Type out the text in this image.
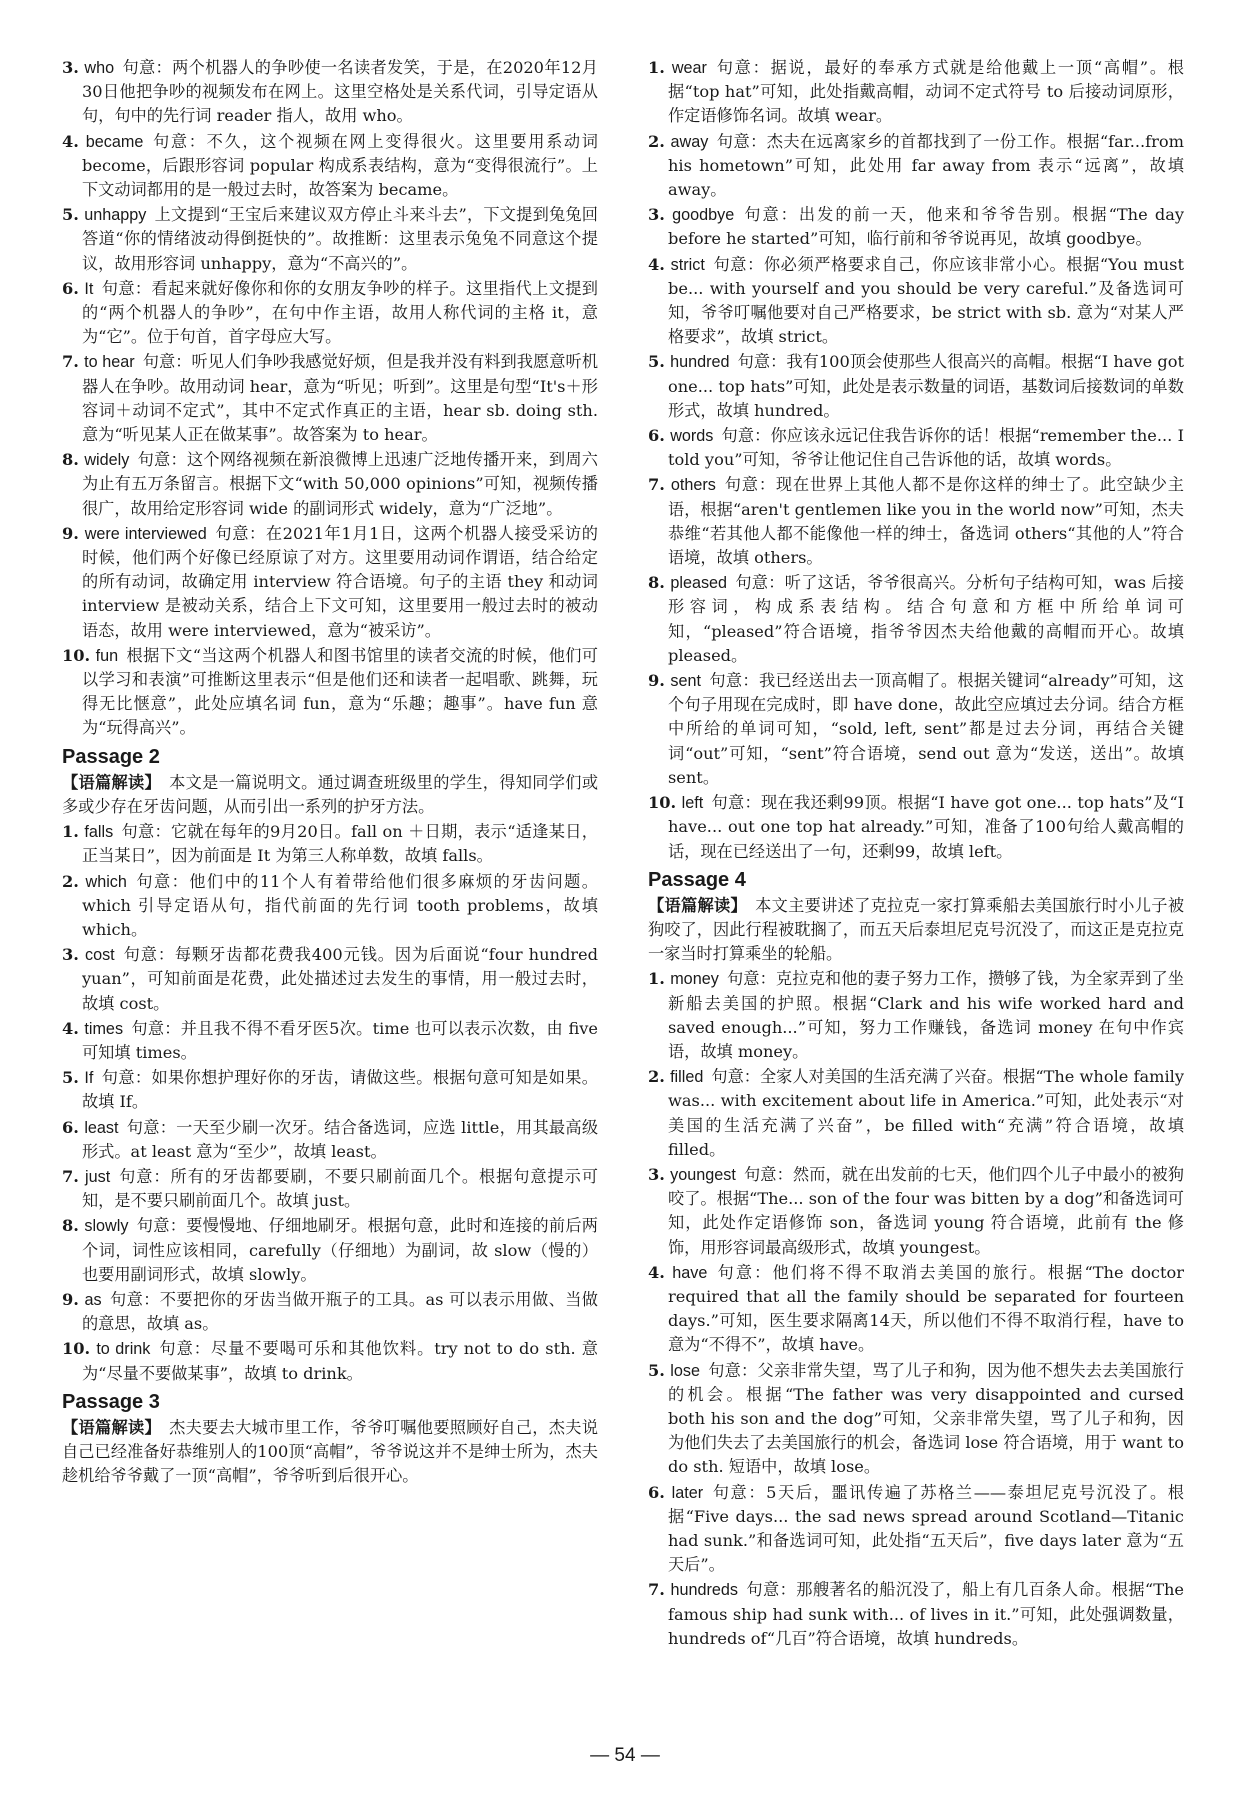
3. who 句意：两个机器人的争吵使一名读者发笑，于是，在2020年12月30日他把争吵的视频发布在网上。这里空格处是关系代词，引导定语从句，句中的先行词 reader 指人，故用 who。

4. became 句意：不久，这个视频在网上变得很火。这里要用系动词 become，后跟形容词 popular 构成系表结构，意为“变得很流行”。上下文动词都用的是一般过去时，故答案为 became。

5. unhappy 上文提到“王宝后来建议双方停止斗来斗去”，下文提到兔兔回答道“你的情绪波动得倒挺快的”。故推断：这里表示兔兔不同意这个提议，故用形容词 unhappy，意为“不高兴的”。

6. It 句意：看起来就好像你和你的女朋友争吵的样子。这里指代上文提到的“两个机器人的争吵”，在句中作主语，故用人称代词的主格 it，意为“它”。位于句首，首字母应大写。

7. to hear 句意：听见人们争吵我感觉好烦，但是我并没有料到我愿意听机器人在争吵。故用动词 hear，意为“听见；听到”。这里是句型“It's＋形容词＋动词不定式”，其中不定式作真正的主语，hear sb. doing sth. 意为“听见某人正在做某事”。故答案为 to hear。

8. widely 句意：这个网络视频在新浪微博上迅速广泛地传播开来，到周六为止有五万条留言。根据下文“with 50,000 opinions”可知，视频传播很广，故用给定形容词 wide 的副词形式 widely，意为“广泛地”。

9. were interviewed 句意：在2021年1月1日，这两个机器人接受采访的时候，他们两个好像已经原谅了对方。这里要用动词作谓语，结合给定的所有动词，故确定用 interview 符合语境。句子的主语 they 和动词 interview 是被动关系，结合上下文可知，这里要用一般过去时的被动语态，故用 were interviewed，意为“被采访”。

10. fun 根据下文“当这两个机器人和图书馆里的读者交流的时候，他们可以学习和表演”可推断这里表示“但是他们还和读者一起唱歌、跳舞，玩得无比惬意”，此处应填名词 fun，意为“乐趣；趣事”。have fun 意为“玩得高兴”。

Passage 2

【语篇解读】 本文是一篇说明文。通过调查班级里的学生，得知同学们或多或少存在牙齿问题，从而引出一系列的护牙方法。

1. falls 句意：它就在每年的9月20日。fall on ＋日期，表示“适逢某日，正当某日”，因为前面是 It 为第三人称单数，故填 falls。

2. which 句意：他们中的11个人有着带给他们很多麻烦的牙齿问题。which 引导定语从句，指代前面的先行词 tooth problems，故填 which。

3. cost 句意：每颗牙齿都花费我400元钱。因为后面说“four hundred yuan”，可知前面是花费，此处描述过去发生的事情，用一般过去时，故填 cost。

4. times 句意：并且我不得不看牙医5次。time 也可以表示次数，由 five 可知填 times。

5. If 句意：如果你想护理好你的牙齿，请做这些。根据句意可知是如果。故填 If。

6. least 句意：一天至少刷一次牙。结合备选词，应选 little，用其最高级形式。at least 意为“至少”，故填 least。

7. just 句意：所有的牙齿都要刷，不要只刷前面几个。根据句意提示可知，是不要只刷前面几个。故填 just。

8. slowly 句意：要慢慢地、仔细地刷牙。根据句意，此时和连接的前后两个词，词性应该相同，carefully（仔细地）为副词，故 slow（慢的）也要用副词形式，故填 slowly。

9. as 句意：不要把你的牙齿当做开瓶子的工具。as 可以表示用做、当做的意思，故填 as。

10. to drink 句意：尽量不要喝可乐和其他饮料。try not to do sth. 意为“尽量不要做某事”，故填 to drink。

Passage 3

【语篇解读】 杰夫要去大城市里工作，爷爷叮嘱他要照顾好自己，杰夫说自己已经准备好恭维别人的100顶“高帽”，爷爷说这并不是绅士所为，杰夫趁机给爷爷戴了一顶“高帽”，爷爷听到后很开心。

1. wear 句意：据说，最好的奉承方式就是给他戴上一顶“高帽”。根据“top hat”可知，此处指戴高帽，动词不定式符号 to 后接动词原形，作定语修饰名词。故填 wear。

2. away 句意：杰夫在远离家乡的首都找到了一份工作。根据“far...from his hometown”可知，此处用 far away from 表示“远离”，故填 away。

3. goodbye 句意：出发的前一天，他来和爷爷告别。根据“The day before he started”可知，临行前和爷爷说再见，故填 goodbye。

4. strict 句意：你必须严格要求自己，你应该非常小心。根据“You must be... with yourself and you should be very careful.”及备选词可知，爷爷叮嘱他要对自己严格要求，be strict with sb. 意为“对某人严格要求”，故填 strict。

5. hundred 句意：我有100顶会使那些人很高兴的高帽。根据“I have got one... top hats”可知，此处是表示数量的词语，基数词后接数词的单数形式，故填 hundred。

6. words 句意：你应该永远记住我告诉你的话！根据“remember the... I told you”可知，爷爷让他记住自己告诉他的话，故填 words。

7. others 句意：现在世界上其他人都不是你这样的绅士了。此空缺少主语，根据“aren't gentlemen like you in the world now”可知，杰夫恭维“若其他人都不能像他一样的绅士，备选词 others“其他的人”符合语境，故填 others。

8. pleased 句意：听了这话，爷爷很高兴。分析句子结构可知，was 后接形容词，构成系表结构。结合句意和方框中所给单词可知，“pleased”符合语境，指爷爷因杰夫给他戴的高帽而开心。故填 pleased。

9. sent 句意：我已经送出去一顶高帽了。根据关键词“already”可知，这个句子用现在完成时，即 have done，故此空应填过去分词。结合方框中所给的单词可知，“sold, left, sent”都是过去分词，再结合关键词“out”可知，“sent”符合语境，send out 意为“发送，送出”。故填 sent。

10. left 句意：现在我还剩99顶。根据“I have got one... top hats”及“I have... out one top hat already.”可知，准备了100句给人戴高帽的话，现在已经送出了一句，还剩99，故填 left。

Passage 4

【语篇解读】 本文主要讲述了克拉克一家打算乘船去美国旅行时小儿子被狗咬了，因此行程被耽搁了，而五天后泰坦尼克号沉没了，而这正是克拉克一家当时打算乘坐的轮船。

1. money 句意：克拉克和他的妻子努力工作，攒够了钱，为全家弄到了坐新船去美国的护照。根据“Clark and his wife worked hard and saved enough...”可知，努力工作赚钱，备选词 money 在句中作宾语，故填 money。

2. filled 句意：全家人对美国的生活充满了兴奋。根据“The whole family was... with excitement about life in America.”可知，此处表示“对美国的生活充满了兴奋”，be filled with“充满”符合语境，故填 filled。

3. youngest 句意：然而，就在出发前的七天，他们四个儿子中最小的被狗咬了。根据“The... son of the four was bitten by a dog”和备选词可知，此处作定语修饰 son，备选词 young 符合语境，此前有 the 修饰，用形容词最高级形式，故填 youngest。

4. have 句意：他们将不得不取消去美国的旅行。根据“The doctor required that all the family should be separated for fourteen days.”可知，医生要求隔离14天，所以他们不得不取消行程，have to 意为“不得不”，故填 have。

5. lose 句意：父亲非常失望，骂了儿子和狗，因为他不想失去去美国旅行的机会。根据“The father was very disappointed and cursed both his son and the dog”可知，父亲非常失望，骂了儿子和狗，因为他们失去了去美国旅行的机会，备选词 lose 符合语境，用于 want to do sth. 短语中，故填 lose。

6. later 句意：5天后，噩讯传遍了苏格兰——泰坦尼克号沉没了。根据“Five days... the sad news spread around Scotland—Titanic had sunk.”和备选词可知，此处指“五天后”，five days later 意为“五天后”。

7. hundreds 句意：那艘著名的船沉没了，船上有几百条人命。根据“The famous ship had sunk with... of lives in it.”可知，此处强调数量，hundreds of“几百”符合语境，故填 hundreds。

— 54 —
